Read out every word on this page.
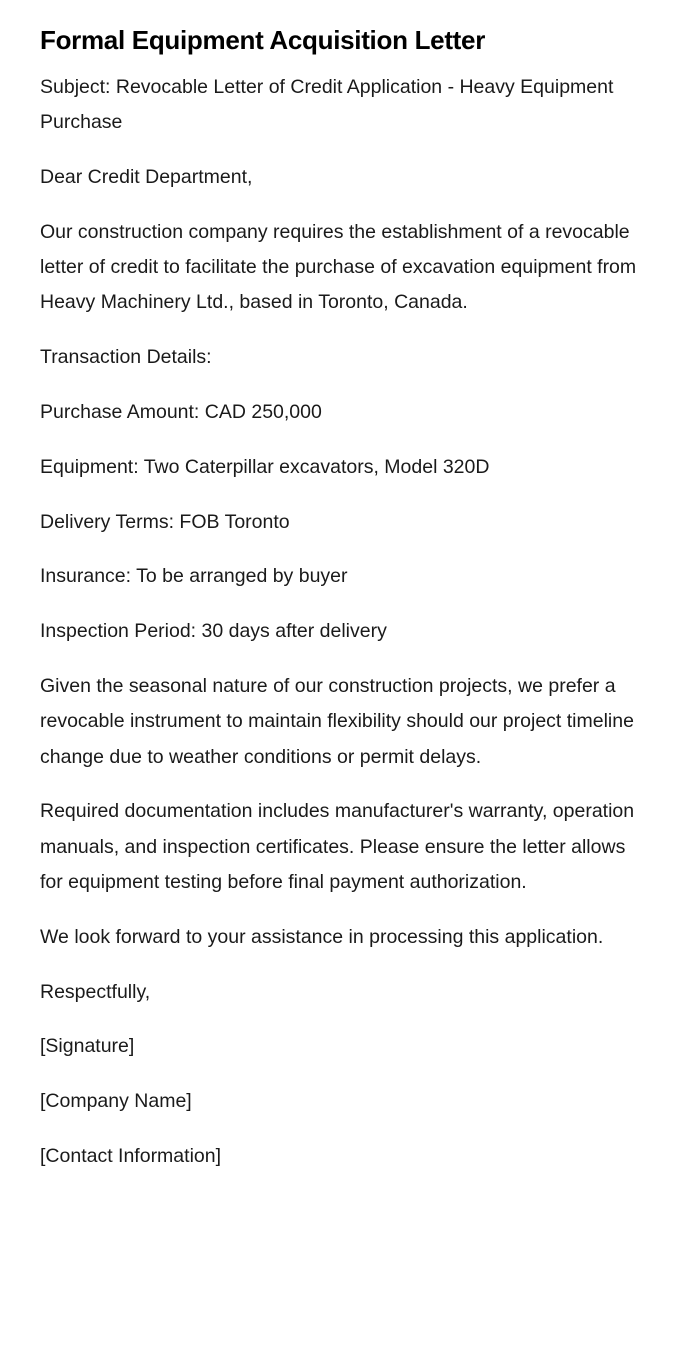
Formal Equipment Acquisition Letter

Subject: Revocable Letter of Credit Application - Heavy Equipment Purchase

Dear Credit Department,

Our construction company requires the establishment of a revocable letter of credit to facilitate the purchase of excavation equipment from Heavy Machinery Ltd., based in Toronto, Canada.

Transaction Details:

Purchase Amount: CAD 250,000

Equipment: Two Caterpillar excavators, Model 320D

Delivery Terms: FOB Toronto

Insurance: To be arranged by buyer

Inspection Period: 30 days after delivery

Given the seasonal nature of our construction projects, we prefer a revocable instrument to maintain flexibility should our project timeline change due to weather conditions or permit delays.

Required documentation includes manufacturer's warranty, operation manuals, and inspection certificates. Please ensure the letter allows for equipment testing before final payment authorization.

We look forward to your assistance in processing this application.

Respectfully,

[Signature]

[Company Name]

[Contact Information]
